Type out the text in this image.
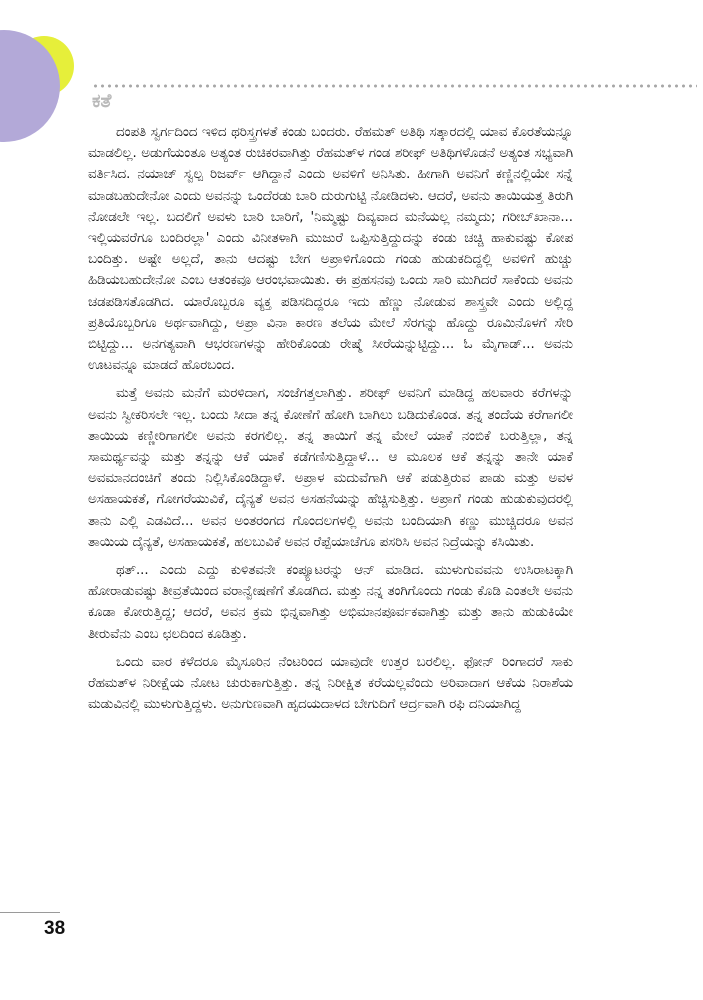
ಕತೆ

ದಂಪತಿ ಸ್ವರ್ಗದಿಂದ ಇಳಿದ ಥರಿಸ್ತ್ರಗಳತೆ ಕಂಡು ಬಂದರು. ರೆಹಮತ್ ಅತಿಥಿ ಸತ್ಕಾರದಲ್ಲಿ ಯಾವ ಕೊರತೆಯನ್ನೂ ಮಾಡಲಿಲ್ಲ. ಅಡುಗೆಯಂತೂ ಅತ್ಯಂತ ರುಚಿಕರವಾಗಿತ್ತು ರೆಹಮತ್‌ಳ ಗಂಡ ಶರೀಫ್ ಅತಿಥಿಗಳೊಡನೆ ಅತ್ಯಂತ ಸಭ್ಯವಾಗಿ ವರ್ತಿಸಿದ. ನಯಾಜ್ ಸ್ವಲ್ಪ ರಿಜರ್ವ್ ಆಗಿದ್ದಾನೆ ಎಂದು ಅವಳಿಗೆ ಅನಿಸಿತು. ಹೀಗಾಗಿ ಅವನಿಗೆ ಕಣ್ಣಿನಲ್ಲಿಯೇ ಸನ್ನೆ ಮಾಡಬಹುದೇನೋ ಎಂದು ಅವನನ್ನು ಒಂದೆರಡು ಬಾರಿ ದುರುಗುಟ್ಟಿ ನೋಡಿದಳು. ಆದರೆ, ಅವನು ತಾಯಿಯತ್ತ ತಿರುಗಿ ನೋಡಲೇ ಇಲ್ಲ. ಬದಲಿಗೆ ಅವಳು ಬಾರಿ ಬಾರಿಗೆ, 'ನಿಮ್ಮಷ್ಟು ದಿವ್ಯವಾದ ಮನೆಯಲ್ಲ ನಮ್ಮದು; ಗರೀಬ್‌ಖಾನಾ... ಇಲ್ಲಿಯವರೆಗೂ ಬಂದಿರಲ್ಲಾ' ಎಂದು ವಿನೀತಳಾಗಿ ಮುಜುರೆ ಒಪ್ಪಿಸುತ್ತಿದ್ದುದನ್ನು ಕಂಡು ಚಚ್ಚಿ ಹಾಕುವಷ್ಟು ಕೋಪ ಬಂದಿತ್ತು. ಅಷ್ಟೇ ಅಲ್ಲದೆ, ತಾನು ಆದಷ್ಟು ಬೇಗ ಅಪ್ರಾಳಿಗೊಂದು ಗಂಡು ಹುಡುಕದಿದ್ದಲ್ಲಿ ಅವಳಿಗೆ ಹುಚ್ಚು ಹಿಡಿಯಬಹುದೇನೋ ಎಂಬ ಆತಂಕವೂ ಆರಂಭವಾಯಿತು. ಈ ಪ್ರಹಸನವು ಒಂದು ಸಾರಿ ಮುಗಿದರೆ ಸಾಕೆಂದು ಅವನು ಚಡಪಡಿಸತೊಡಗಿದ. ಯಾರೊಬ್ಬರೂ ವ್ಯಕ್ತ ಪಡಿಸದಿದ್ದರೂ ಇದು ಹೆಣ್ಣು ನೋಡುವ ಶಾಸ್ತ್ರವೇ ಎಂದು ಅಲ್ಲಿದ್ದ ಪ್ರತಿಯೊಬ್ಬರಿಗೂ ಅರ್ಥವಾಗಿದ್ದು, ಅಪ್ರಾ ವಿನಾ ಕಾರಣ ತಲೆಯ ಮೇಲೆ ಸೆರಗನ್ನು ಹೊದ್ದು ರೂಮಿನೊಳಗೆ ಸೇರಿ ಬಿಟ್ಟಿದ್ದು... ಅನಗತ್ಯವಾಗಿ ಆಭರಣಗಳನ್ನು ಹೇರಿಕೊಂಡು ರೇಷ್ಮೆ ಸೀರೆಯನ್ನುಟ್ಟಿದ್ದು... ಓ ಮೈಗಾಡ್... ಅವನು ಊಟವನ್ನೂ ಮಾಡದೆ ಹೊರಬಂದ.

ಮತ್ತೆ ಅವನು ಮನೆಗೆ ಮರಳಿದಾಗ, ಸಂಜೆಗತ್ತಲಾಗಿತ್ತು. ಶರೀಫ್ ಅವನಿಗೆ ಮಾಡಿದ್ದ ಹಲವಾರು ಕರೆಗಳನ್ನು ಅವನು ಸ್ವೀಕರಿಸಲೇ ಇಲ್ಲ. ಬಂದು ಸೀದಾ ತನ್ನ ಕೋಣೆಗೆ ಹೋಗಿ ಬಾಗಿಲು ಬಡಿದುಕೊಂಡ. ತನ್ನ ತಂದೆಯ ಕರೆಗಾಗಲೀ ತಾಯಿಯ ಕಣ್ಣೀರಿಗಾಗಲೀ ಅವನು ಕರಗಲಿಲ್ಲ. ತನ್ನ ತಾಯಿಗೆ ತನ್ನ ಮೇಲೆ ಯಾಕೆ ನಂಬಿಕೆ ಬರುತ್ತಿಲ್ಲಾ, ತನ್ನ ಸಾಮರ್ಥ್ಯವನ್ನು ಮತ್ತು ತನ್ನನ್ನು ಆಕೆ ಯಾಕೆ ಕಡೆಗಣಿಸುತ್ತಿದ್ದಾಳೆ... ಆ ಮೂಲಕ ಆಕೆ ತನ್ನನ್ನು ತಾನೇ ಯಾಕೆ ಅವಮಾನದಂಚಿಗೆ ತಂದು ನಿಲ್ಲಿಸಿಕೊಂಡಿದ್ದಾಳೆ. ಅಪ್ರಾಳ ಮದುವೆಗಾಗಿ ಆಕೆ ಪಡುತ್ತಿರುವ ಪಾಡು ಮತ್ತು ಅವಳ ಅಸಹಾಯಕತೆ, ಗೋಗರೆಯುವಿಕೆ, ದೈನ್ಯತೆ ಅವನ ಅಸಹನೆಯನ್ನು ಹೆಚ್ಚಿಸುತ್ತಿತ್ತು. ಅಪ್ರಾಗೆ ಗಂಡು ಹುಡುಕುವುದರಲ್ಲಿ ತಾನು ಎಲ್ಲಿ ಎಡವಿದೆ... ಅವನ ಅಂತರಂಗದ ಗೊಂದಲಗಳಲ್ಲಿ ಅವನು ಬಂದಿಯಾಗಿ ಕಣ್ಣು ಮುಚ್ಚಿದರೂ ಅವನ ತಾಯಿಯ ದೈನ್ಯತೆ, ಅಸಹಾಯಕತೆ, ಹಲಬುವಿಕೆ ಅವನ ರೆಪ್ಪೆಯಾಚೆಗೂ ಪಸರಿಸಿ ಅವನ ನಿದ್ರೆಯನ್ನು ಕಸಿಯಿತು.

ಥತ್... ಎಂದು ಎದ್ದು ಕುಳಿತವನೇ ಕಂಪ್ಯೂಟರನ್ನು ಆನ್ ಮಾಡಿದ. ಮುಳುಗುವವನು ಉಸಿರಾಟಕ್ಕಾಗಿ ಹೋರಾಡುವಷ್ಟು ತೀವ್ರತೆಯಿಂದ ವರಾನ್ವೇಷಣೆಗೆ ತೊಡಗಿದ. ಮತ್ತು ನನ್ನ ತಂಗಿಗೊಂದು ಗಂಡು ಕೊಡಿ ಎಂತಲೇ ಅವನು ಕೂಡಾ ಕೋರುತ್ತಿದ್ದ; ಆದರೆ, ಅವನ ಕ್ರಮ ಭಿನ್ನವಾಗಿತ್ತು ಅಭಿಮಾನಪೂರ್ವಕವಾಗಿತ್ತು ಮತ್ತು ತಾನು ಹುಡುಕಿಯೇ ತೀರುವೆನು ಎಂಬ ಛಲದಿಂದ ಕೂಡಿತ್ತು.

ಒಂದು ವಾರ ಕಳೆದರೂ ಮೈಸೂರಿನ ನೆಂಟರಿಂದ ಯಾವುದೇ ಉತ್ತರ ಬರಲಿಲ್ಲ. ಫೋನ್ ರಿಂಗಾದರೆ ಸಾಕು ರೆಹಮತ್‌ಳ ನಿರೀಕ್ಷೆಯ ನೋಟ ಚುರುಕಾಗುತ್ತಿತ್ತು. ತನ್ನ ನಿರೀಕ್ಷಿತ ಕರೆಯಲ್ಲವೆಂದು ಅರಿವಾದಾಗ ಆಕೆಯ ನಿರಾಶೆಯ ಮಡುವಿನಲ್ಲಿ ಮುಳುಗುತ್ತಿದ್ದಳು. ಅನುಗುಣವಾಗಿ ಹೃದಯದಾಳದ ಬೇಗುದಿಗೆ ಆರ್ದ್ರವಾಗಿ ರಫಿ ದನಿಯಾಗಿದ್ದ

38
